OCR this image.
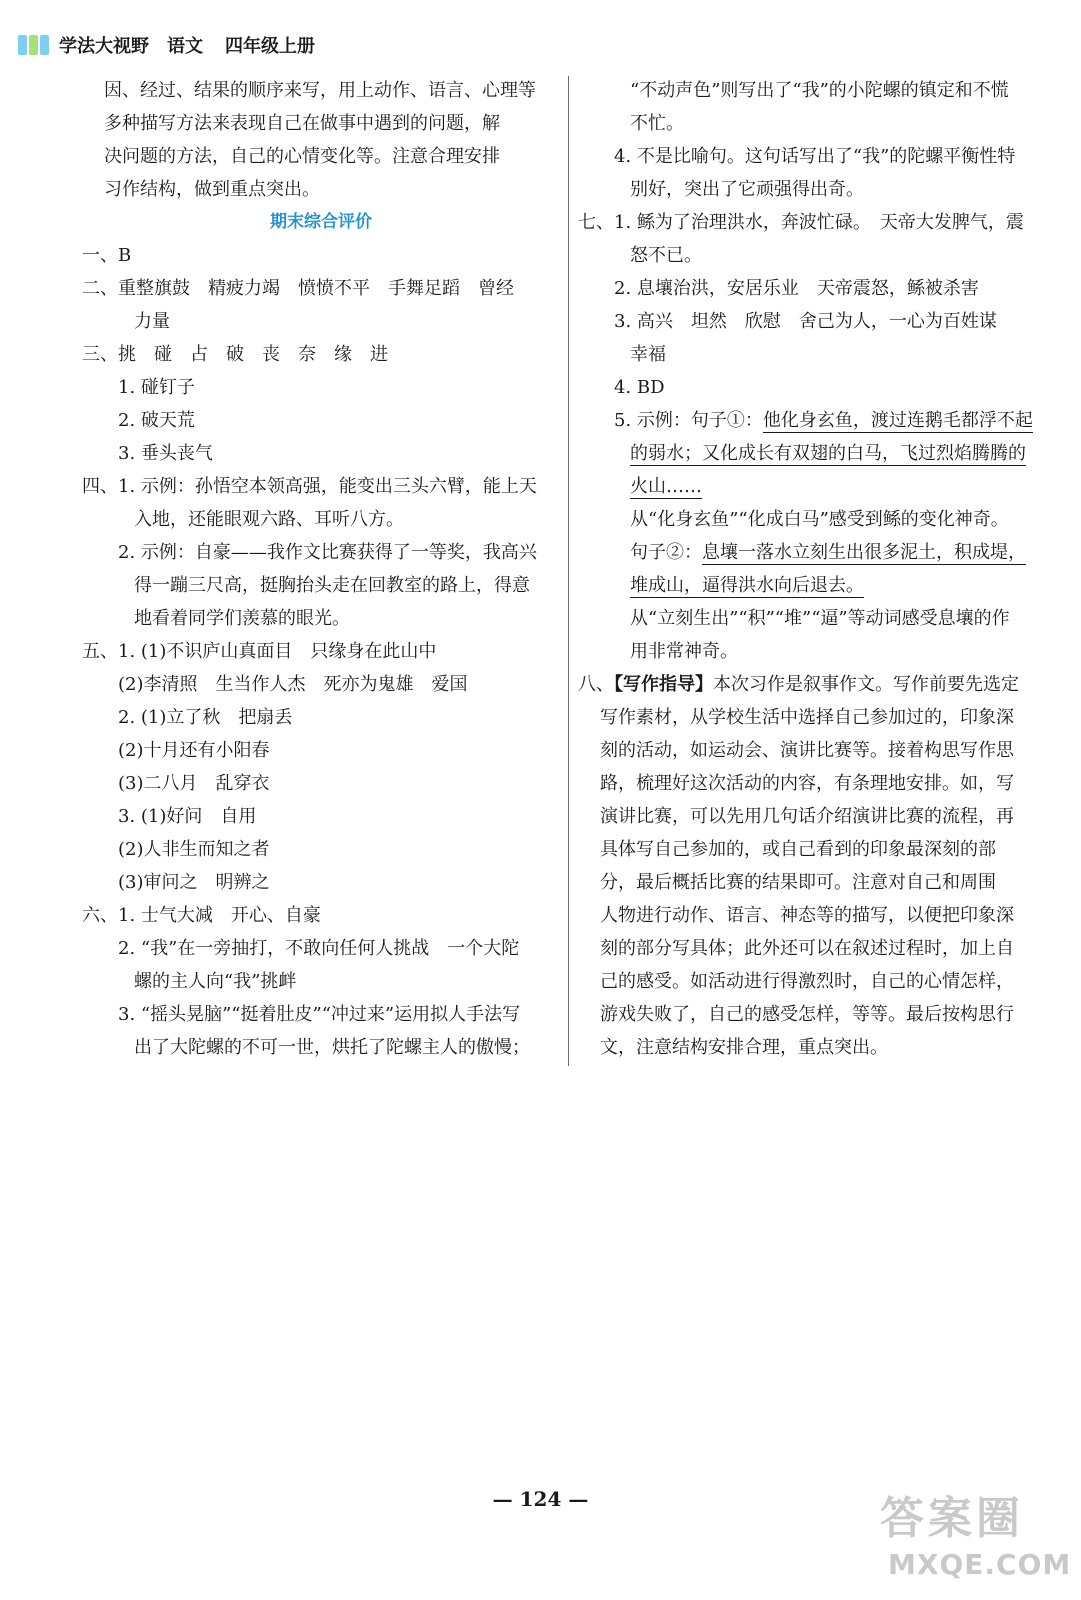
学法大视野 语文 四年级上册
因、经过、结果的顺序来写，用上动作、语言、心理等
多种描写方法来表现自己在做事中遇到的问题，解
决问题的方法，自己的心情变化等。注意合理安排
习作结构，做到重点突出。
期末综合评价
一、B
二、重整旗鼓　精疲力竭　愤愤不平　手舞足蹈　曾经
力量
三、挑　碰　占　破　丧　奈　缘　进
1. 碰钉子
2. 破天荒
3. 垂头丧气
四、1. 示例：孙悟空本领高强，能变出三头六臂，能上天
入地，还能眼观六路、耳听八方。
2. 示例：自豪——我作文比赛获得了一等奖，我高兴
得一蹦三尺高，挺胸抬头走在回教室的路上，得意
地看着同学们羡慕的眼光。
五、1. (1)不识庐山真面目　只缘身在此山中
(2)李清照　生当作人杰　死亦为鬼雄　爱国
2. (1)立了秋　把扇丢
(2)十月还有小阳春
(3)二八月　乱穿衣
3. (1)好问　自用
(2)人非生而知之者
(3)审问之　明辨之
六、1. 士气大减　开心、自豪
2. “我”在一旁抽打，不敢向任何人挑战　一个大陀
螺的主人向“我”挑衅
3. “摇头晃脑”“挺着肚皮”“冲过来”运用拟人手法写
出了大陀螺的不可一世，烘托了陀螺主人的傲慢；
“不动声色”则写出了“我”的小陀螺的镇定和不慌
不忙。
4. 不是比喻句。这句话写出了“我”的陀螺平衡性特
别好，突出了它顽强得出奇。
七、1. 鲧为了治理洪水，奔波忙碌。　天帝大发脾气，震
怒不已。
2. 息壤治洪，安居乐业　天帝震怒，鲧被杀害
3. 高兴　坦然　欣慰　舍己为人，一心为百姓谋
幸福
4. BD
5. 示例：句子①：他化身玄鱼，渡过连鹅毛都浮不起
的弱水；又化成长有双翅的白马，飞过烈焰腾腾的
火山……
从“化身玄鱼”“化成白马”感受到鲧的变化神奇。
句子②：息壤一落水立刻生出很多泥土，积成堤，
堆成山，逼得洪水向后退去。
从“立刻生出”“积”“堆”“逼”等动词感受息壤的作
用非常神奇。
八、【写作指导】本次习作是叙事作文。写作前要先选定
写作素材，从学校生活中选择自己参加过的，印象深
刻的活动，如运动会、演讲比赛等。接着构思写作思
路，梳理好这次活动的内容，有条理地安排。如，写
演讲比赛，可以先用几句话介绍演讲比赛的流程，再
具体写自己参加的，或自己看到的印象最深刻的部
分，最后概括比赛的结果即可。注意对自己和周围
人物进行动作、语言、神态等的描写，以便把印象深
刻的部分写具体；此外还可以在叙述过程时，加上自
己的感受。如活动进行得激烈时，自己的心情怎样，
游戏失败了，自己的感受怎样，等等。最后按构思行
文，注意结构安排合理，重点突出。
— 124 —	答案圈
MXQE.COM
